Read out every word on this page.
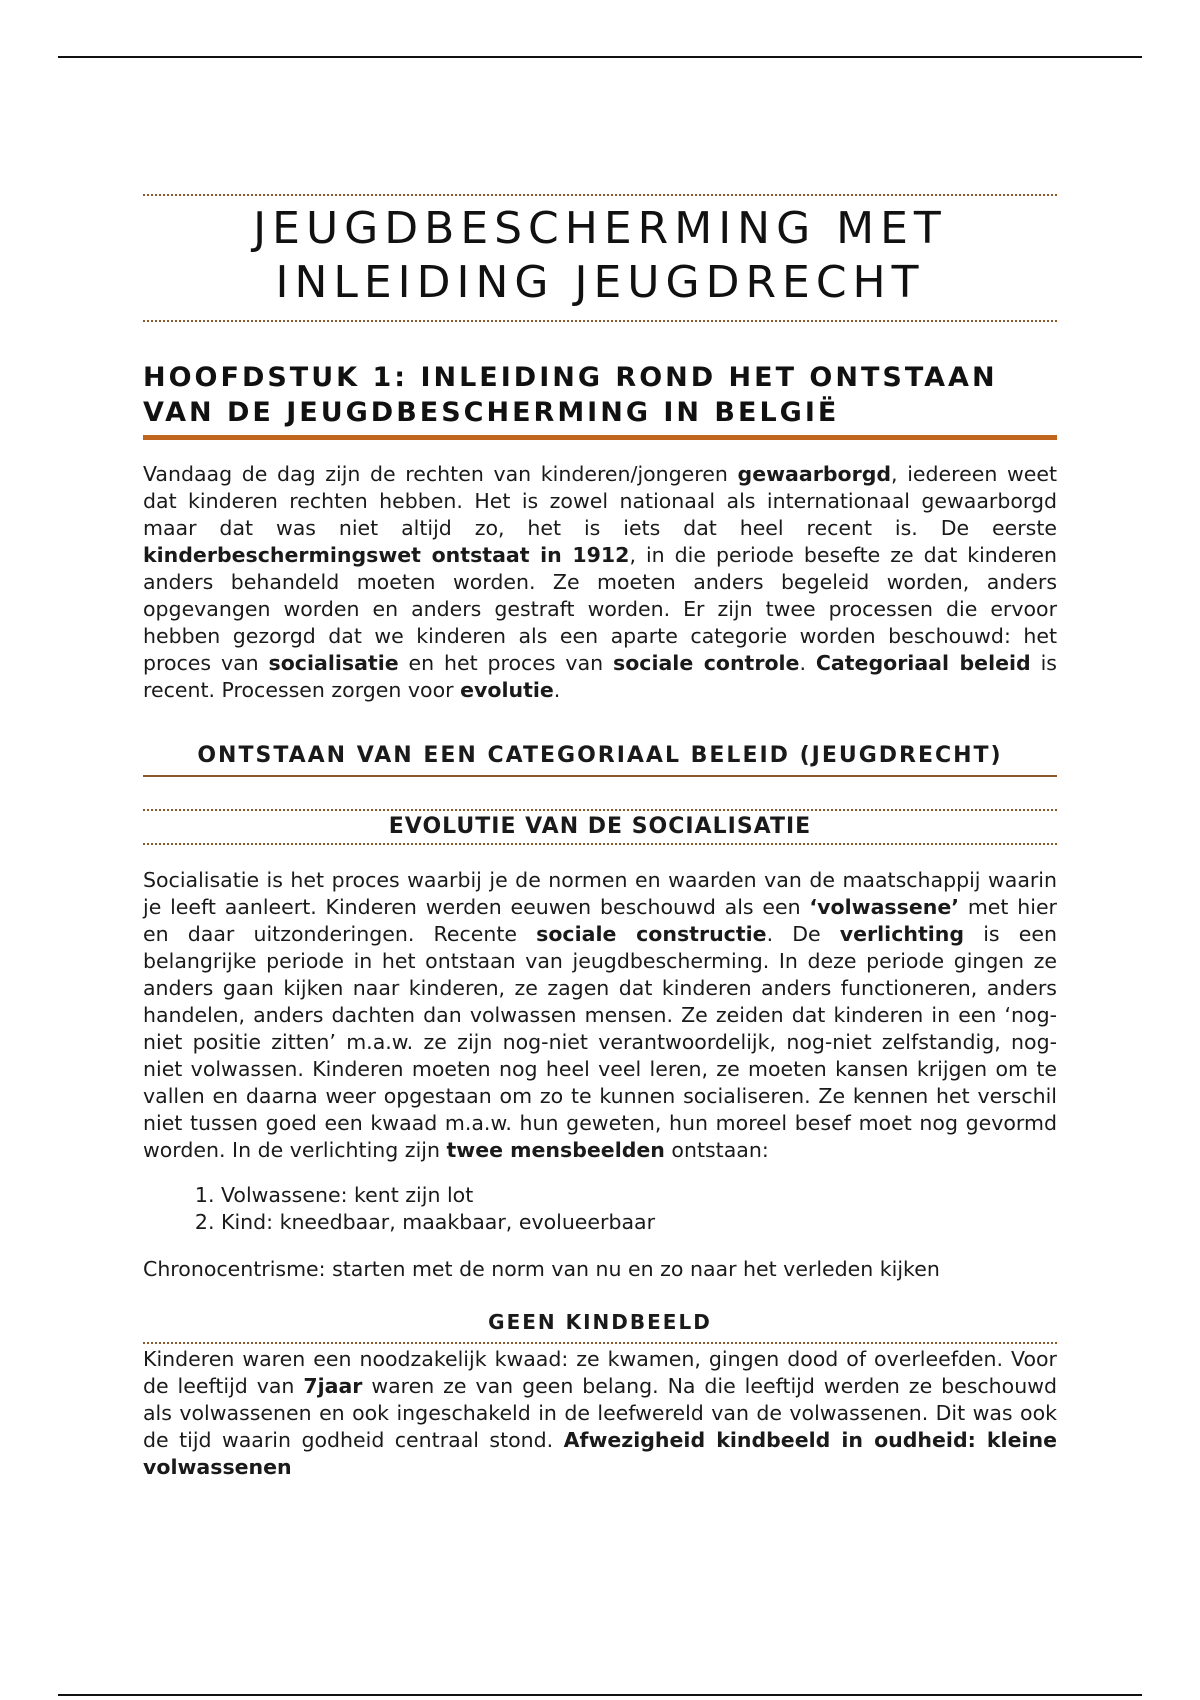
JEUGDBESCHERMING MET
INLEIDING JEUGDRECHT
HOOFDSTUK 1: INLEIDING ROND HET ONTSTAAN
VAN DE JEUGDBESCHERMING IN BELGIË

Vandaag de dag zijn de rechten van kinderen/jongeren gewaarborgd, iedereen weet dat kinderen rechten hebben. Het is zowel nationaal als internationaal gewaarborgd maar dat was niet altijd zo, het is iets dat heel recent is. De eerste kinderbeschermingswet ontstaat in 1912, in die periode besefte ze dat kinderen anders behandeld moeten worden. Ze moeten anders begeleid worden, anders opgevangen worden en anders gestraft worden. Er zijn twee processen die ervoor hebben gezorgd dat we kinderen als een aparte categorie worden beschouwd: het proces van socialisatie en het proces van sociale controle. Categoriaal beleid is recent. Processen zorgen voor evolutie.

ONTSTAAN VAN EEN CATEGORIAAL BELEID (JEUGDRECHT)
EVOLUTIE VAN DE SOCIALISATIE

Socialisatie is het proces waarbij je de normen en waarden van de maatschappij waarin je leeft aanleert. Kinderen werden eeuwen beschouwd als een ‘volwassene’ met hier en daar uitzonderingen. Recente sociale constructie. De verlichting is een belangrijke periode in het ontstaan van jeugdbescherming. In deze periode gingen ze anders gaan kijken naar kinderen, ze zagen dat kinderen anders functioneren, anders handelen, anders dachten dan volwassen mensen. Ze zeiden dat kinderen in een ‘nog-niet positie zitten’ m.a.w. ze zijn nog-niet verantwoordelijk, nog-niet zelfstandig, nog-niet volwassen. Kinderen moeten nog heel veel leren, ze moeten kansen krijgen om te vallen en daarna weer opgestaan om zo te kunnen socialiseren. Ze kennen het verschil niet tussen goed een kwaad m.a.w. hun geweten, hun moreel besef moet nog gevormd worden. In de verlichting zijn twee mensbeelden ontstaan:

1. Volwassene: kent zijn lot
2. Kind: kneedbaar, maakbaar, evolueerbaar

Chronocentrisme: starten met de norm van nu en zo naar het verleden kijken

GEEN KINDBEELD

Kinderen waren een noodzakelijk kwaad: ze kwamen, gingen dood of overleefden. Voor de leeftijd van 7jaar waren ze van geen belang. Na die leeftijd werden ze beschouwd als volwassenen en ook ingeschakeld in de leefwereld van de volwassenen. Dit was ook de tijd waarin godheid centraal stond. Afwezigheid kindbeeld in oudheid: kleine volwassenen
